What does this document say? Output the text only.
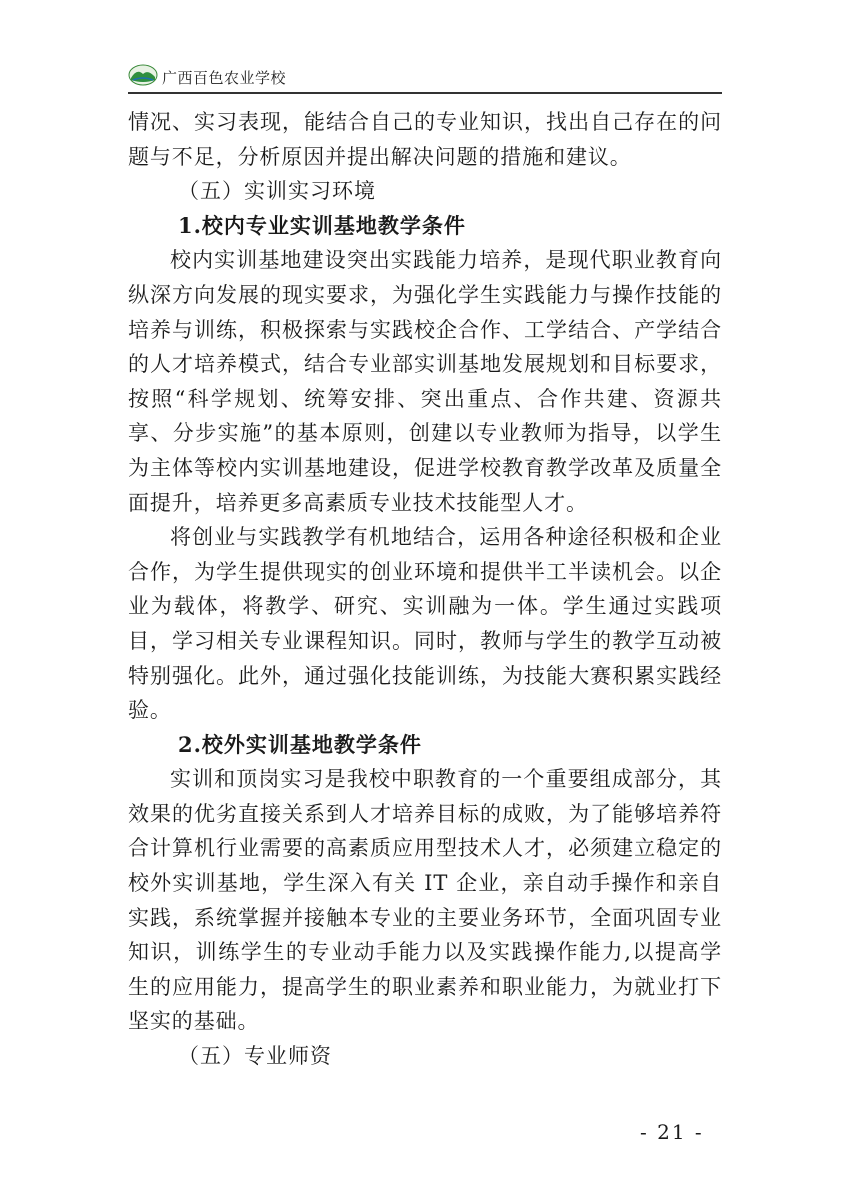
广西百色农业学校

情况、实习表现，能结合自己的专业知识，找出自己存在的问题与不足，分析原因并提出解决问题的措施和建议。

（五）实训实习环境

1.校内专业实训基地教学条件

校内实训基地建设突出实践能力培养，是现代职业教育向纵深方向发展的现实要求，为强化学生实践能力与操作技能的培养与训练，积极探索与实践校企合作、工学结合、产学结合的人才培养模式，结合专业部实训基地发展规划和目标要求，按照“科学规划、统筹安排、突出重点、合作共建、资源共享、分步实施”的基本原则，创建以专业教师为指导，以学生为主体等校内实训基地建设，促进学校教育教学改革及质量全面提升，培养更多高素质专业技术技能型人才。

将创业与实践教学有机地结合，运用各种途径积极和企业合作，为学生提供现实的创业环境和提供半工半读机会。以企业为载体，将教学、研究、实训融为一体。学生通过实践项目，学习相关专业课程知识。同时，教师与学生的教学互动被特别强化。此外，通过强化技能训练，为技能大赛积累实践经验。

2.校外实训基地教学条件

实训和顶岗实习是我校中职教育的一个重要组成部分，其效果的优劣直接关系到人才培养目标的成败，为了能够培养符合计算机行业需要的高素质应用型技术人才，必须建立稳定的校外实训基地，学生深入有关 IT 企业，亲自动手操作和亲自实践，系统掌握并接触本专业的主要业务环节，全面巩固专业知识，训练学生的专业动手能力以及实践操作能力,以提高学生的应用能力，提高学生的职业素养和职业能力，为就业打下坚实的基础。

（五）专业师资

- 21 -
